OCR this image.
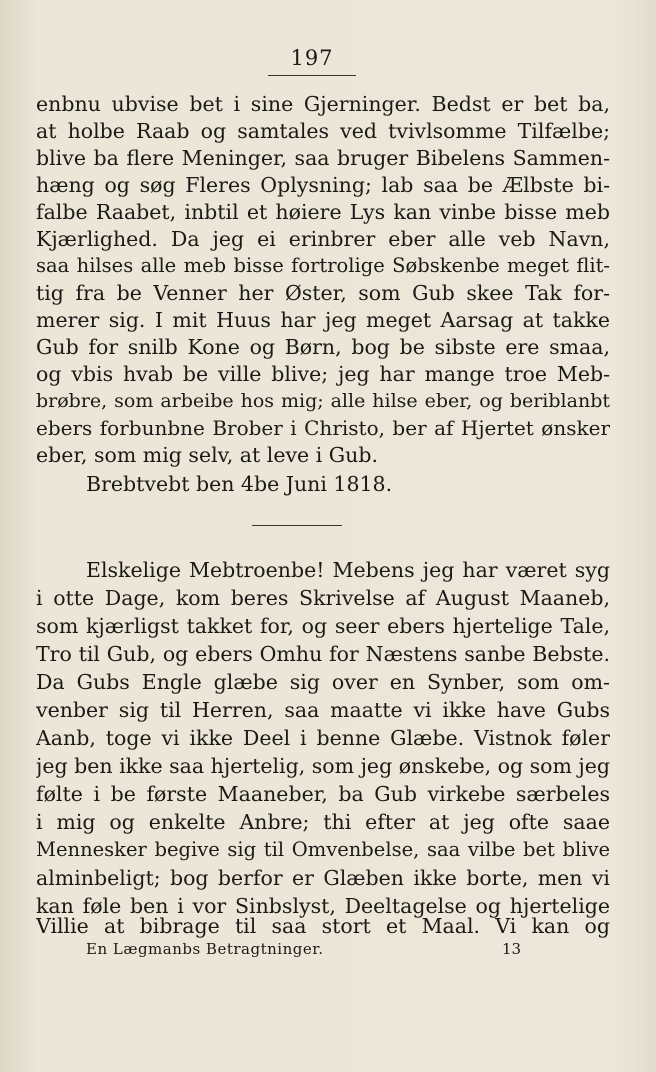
197
enbnu ubvise bet i sine Gjerninger. Bedst er bet ba,
at holbe Raab og samtales ved tvivlsomme Tilfælbe;
blive ba flere Meninger, saa bruger Bibelens Sammen-
hæng og søg Fleres Oplysning; lab saa be Ælbste bi-
falbe Raabet, inbtil et høiere Lys kan vinbe bisse meb
Kjærlighed. Da jeg ei erinbrer eber alle veb Navn,
saa hilses alle meb bisse fortrolige Søbskenbe meget flit-
tig fra be Venner her Øster, som Gub skee Tak for-
merer sig. I mit Huus har jeg meget Aarsag at takke
Gub for snilb Kone og Børn, bog be sibste ere smaa,
og vbis hvab be ville blive; jeg har mange troe Meb-
brøbre, som arbeibe hos mig; alle hilse eber, og beriblanbt
ebers forbunbne Brober i Christo, ber af Hjertet ønsker
eber, som mig selv, at leve i Gub.
Brebtvebt ben 4be Juni 1818.
Elskelige Mebtroenbe! Mebens jeg har været syg
i otte Dage, kom beres Skrivelse af August Maaneb,
som kjærligst takket for, og seer ebers hjertelige Tale,
Tro til Gub, og ebers Omhu for Næstens sanbe Bebste.
Da Gubs Engle glæbe sig over en Synber, som om-
venber sig til Herren, saa maatte vi ikke have Gubs
Aanb, toge vi ikke Deel i benne Glæbe. Vistnok føler
jeg ben ikke saa hjertelig, som jeg ønskebe, og som jeg
følte i be første Maaneber, ba Gub virkebe særbeles
i mig og enkelte Anbre; thi efter at jeg ofte saae
Mennesker begive sig til Omvenbelse, saa vilbe bet blive
alminbeligt; bog berfor er Glæben ikke borte, men vi
kan føle ben i vor Sinbslyst, Deeltagelse og hjertelige
Villie at bibrage til saa stort et Maal. Vi kan og
En Lægmanbs Betragtninger.	13
